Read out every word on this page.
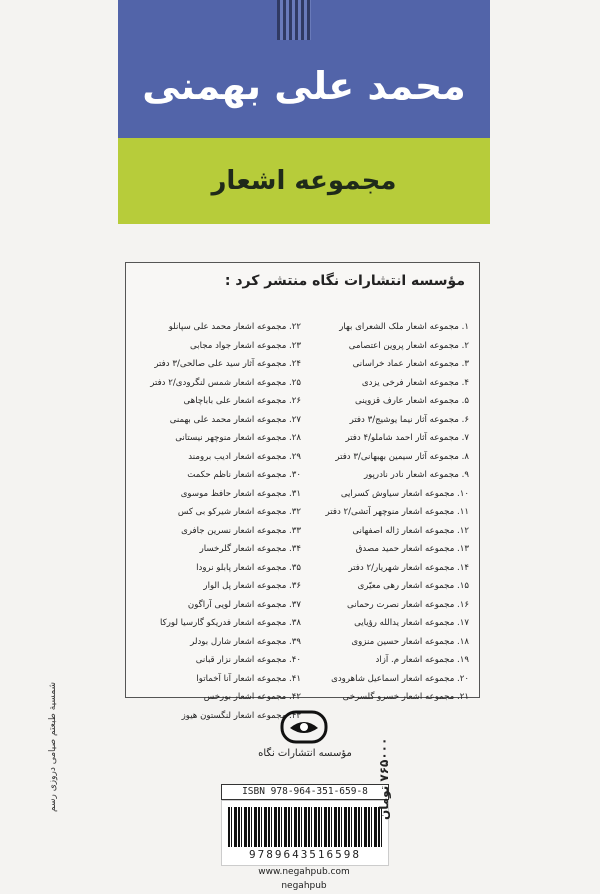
محمد علی بهمنی
مجموعه اشعار
مؤسسه انتشارات نگاه منتشر کرد :
۱. مجموعه اشعار ملک الشعرای بهار
۲. مجموعه اشعار پروین اعتصامی
۳. مجموعه اشعار عماد خراسانی
۴. مجموعه اشعار فرخی یزدی
۵. مجموعه اشعار عارف قزوینی
۶. مجموعه آثار نیما یوشیج/۳ دفتر
۷. مجموعه آثار احمد شاملو/۴ دفتر
۸. مجموعه آثار سیمین بهبهانی/۳ دفتر
۹. مجموعه اشعار نادر نادرپور
۱۰. مجموعه اشعار سیاوش کسرایی
۱۱. مجموعه اشعار منوچهر آتشی/۲ دفتر
۱۲. مجموعه اشعار ژاله اصفهانی
۱۳. مجموعه اشعار حمید مصدق
۱۴. مجموعه اشعار شهریار/۲ دفتر
۱۵. مجموعه اشعار رهی معیّری
۱۶. مجموعه اشعار نصرت رحمانی
۱۷. مجموعه اشعار یدالله رؤیایی
۱۸. مجموعه اشعار حسین منزوی
۱۹. مجموعه اشعار م. آزاد
۲۰. مجموعه اشعار اسماعیل شاهرودی
۲۱. مجموعه اشعار خسرو گلسرخی
۲۲. مجموعه اشعار محمد علی سپانلو
۲۳. مجموعه اشعار جواد مجابی
۲۴. مجموعه آثار سید علی صالحی/۳ دفتر
۲۵. مجموعه اشعار شمس لنگرودی/۲ دفتر
۲۶. مجموعه اشعار علی باباچاهی
۲۷. مجموعه اشعار محمد علی بهمنی
۲۸. مجموعه اشعار منوچهر نیستانی
۲۹. مجموعه اشعار ادیب برومند
۳۰. مجموعه اشعار ناظم حکمت
۳۱. مجموعه اشعار حافظ موسوی
۳۲. مجموعه اشعار شیرکو بی کس
۳۳. مجموعه اشعار نسرین جافری
۳۴. مجموعه اشعار گلرخسار
۳۵. مجموعه اشعار پابلو نرودا
۳۶. مجموعه اشعار پل الوار
۳۷. مجموعه اشعار لویی آراگون
۳۸. مجموعه اشعار فدریکو گارسیا لورکا
۳۹. مجموعه اشعار شارل بودلر
۴۰. مجموعه اشعار نزار قبانی
۴۱. مجموعه اشعار آنا آخماتوا
۴۲. مجموعه اشعار بورخس
۴۳. مجموعه اشعار لنگستون هیوز
مؤسسه انتشارات نگاه
ISBN 978-964-351-659-8
9789643516598
www.negahpub.com
negahpub
۷۶۵۰۰۰ تومان
شمسیة طبعتم صیامی دروزی رسم
